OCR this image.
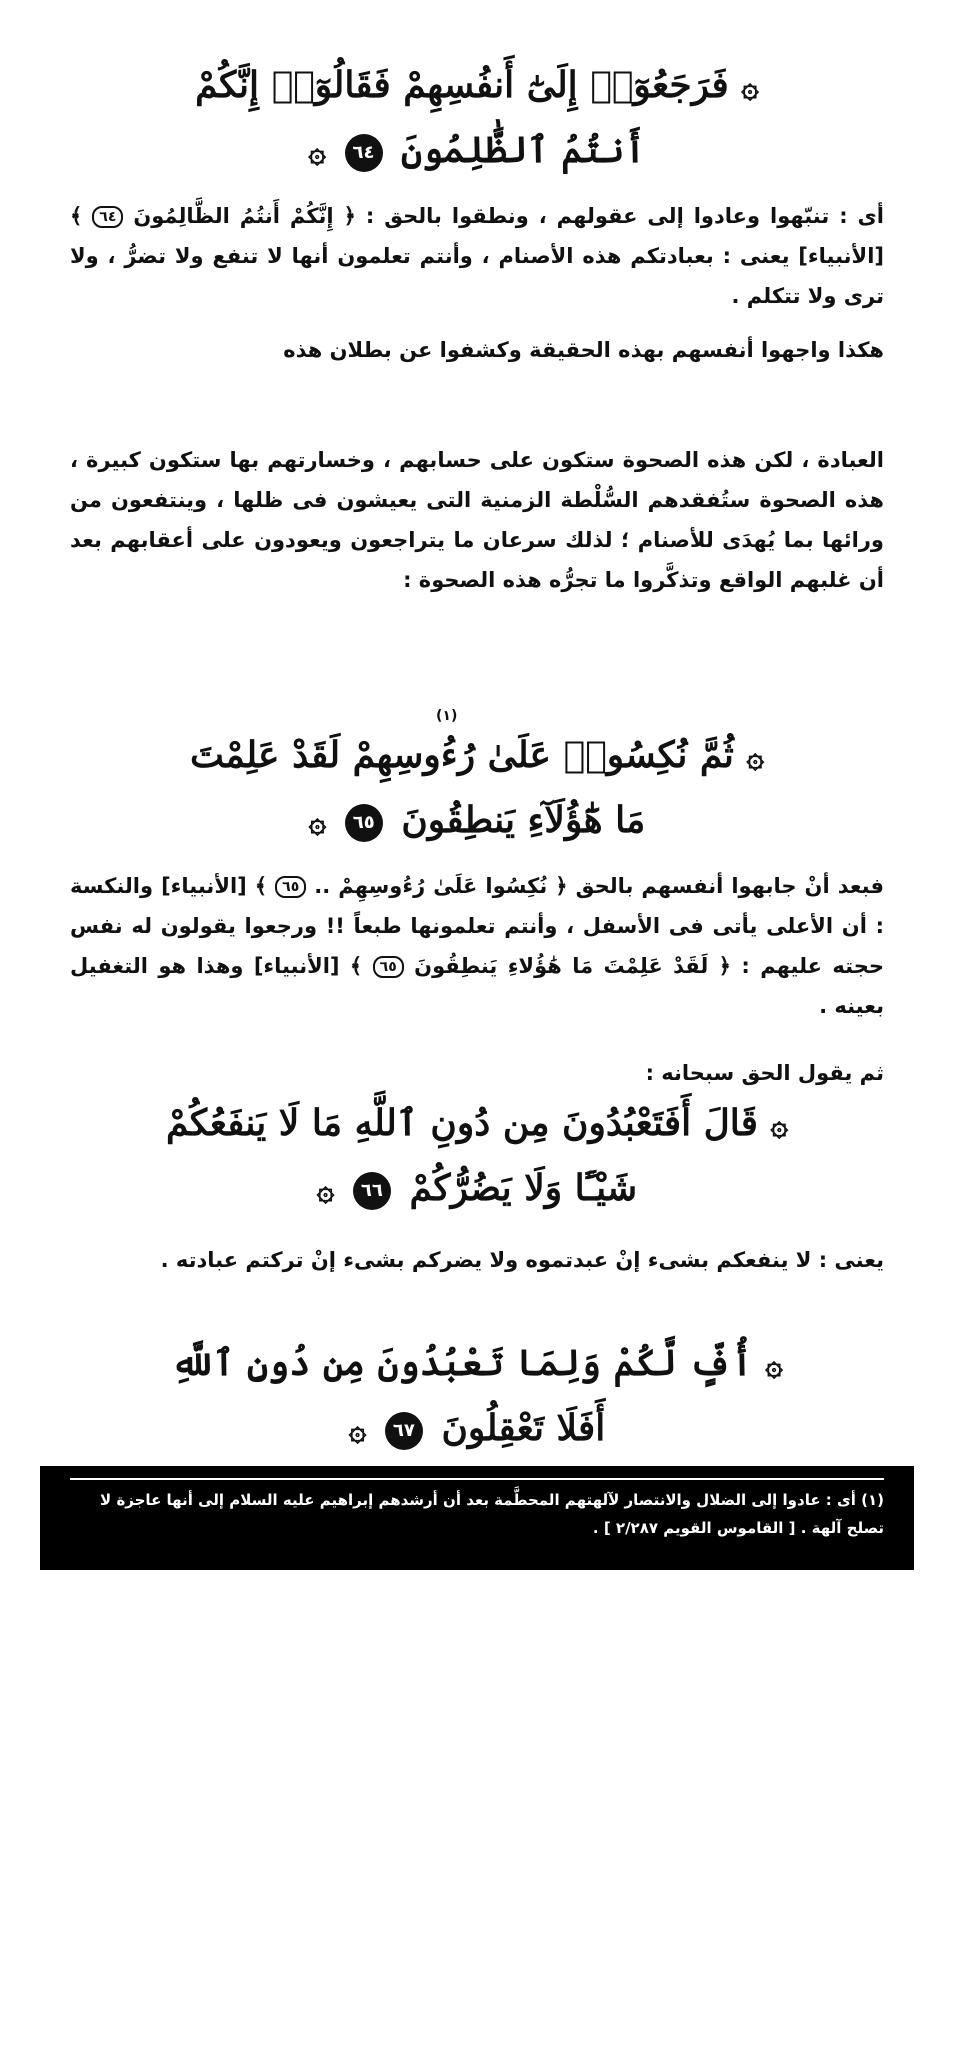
۞ فَرَجَعُوٓا۟ إِلَىٰٓ أَنفُسِهِمْ فَقَالُوٓا۟ إِنَّكُمْ
أَنتُمُ ٱلظَّٰلِمُونَ ٦٤ ۞

أى : تنبّهوا وعادوا إلى عقولهم ، ونطقوا بالحق : ﴿ إِنَّكُمْ أَنتُمُ الظَّالِمُونَ ٦٤ ﴾ [الأنبياء] يعنى : بعبادتكم هذه الأصنام ، وأنتم تعلمون أنها لا تنفع ولا تضرُّ ، ولا ترى ولا تتكلم .

هكذا واجهوا أنفسهم بهذه الحقيقة وكشفوا عن بطلان هذه

العبادة ، لكن هذه الصحوة ستكون على حسابهم ، وخسارتهم بها ستكون كبيرة ، هذه الصحوة ستُفقدهم السُّلْطة الزمنية التى يعيشون فى ظلها ، وينتفعون من ورائها بما يُهدَى للأصنام ؛ لذلك سرعان ما يتراجعون ويعودون على أعقابهم بعد أن غلبهم الواقع وتذكَّروا ما تجرُّه هذه الصحوة :

(١)
۞ ثُمَّ نُكِسُوا۟ عَلَىٰ رُءُوسِهِمْ لَقَدْ عَلِمْتَ
مَا هَٰٓؤُلَآءِ يَنطِقُونَ ٦٥ ۞

فبعد أنْ جابهوا أنفسهم بالحق ﴿ نُكِسُوا عَلَىٰ رُءُوسِهِمْ .. ٦٥ ﴾ [الأنبياء] والنكسة : أن الأعلى يأتى فى الأسفل ، وأنتم تعلمونها طبعاً !! ورجعوا يقولون له نفس حجته عليهم : ﴿ لَقَدْ عَلِمْتَ مَا هَٰؤُلاءِ يَنطِقُونَ ٦٥ ﴾ [الأنبياء] وهذا هو التغفيل بعينه .

ثم يقول الحق سبحانه :

۞ قَالَ أَفَتَعْبُدُونَ مِن دُونِ ٱللَّهِ مَا لَا يَنفَعُكُمْ
شَيْـًٔا وَلَا يَضُرُّكُمْ ٦٦ ۞

يعنى : لا ينفعكم بشىء إنْ عبدتموه ولا يضركم بشىء إنْ تركتم عبادته .

۞ أُفٍّ لَّكُمْ وَلِمَا تَعْبُدُونَ مِن دُونِ ٱللَّهِ
أَفَلَا تَعْقِلُونَ ٦٧ ۞

(١) أى : عادوا إلى الضلال والانتصار لآلهتهم المحطَّمة بعد أن أرشدهم إبراهيم عليه السلام إلى أنها عاجزة لا تصلح آلهة . [ القاموس القويم ٢/٢٨٧ ] .
